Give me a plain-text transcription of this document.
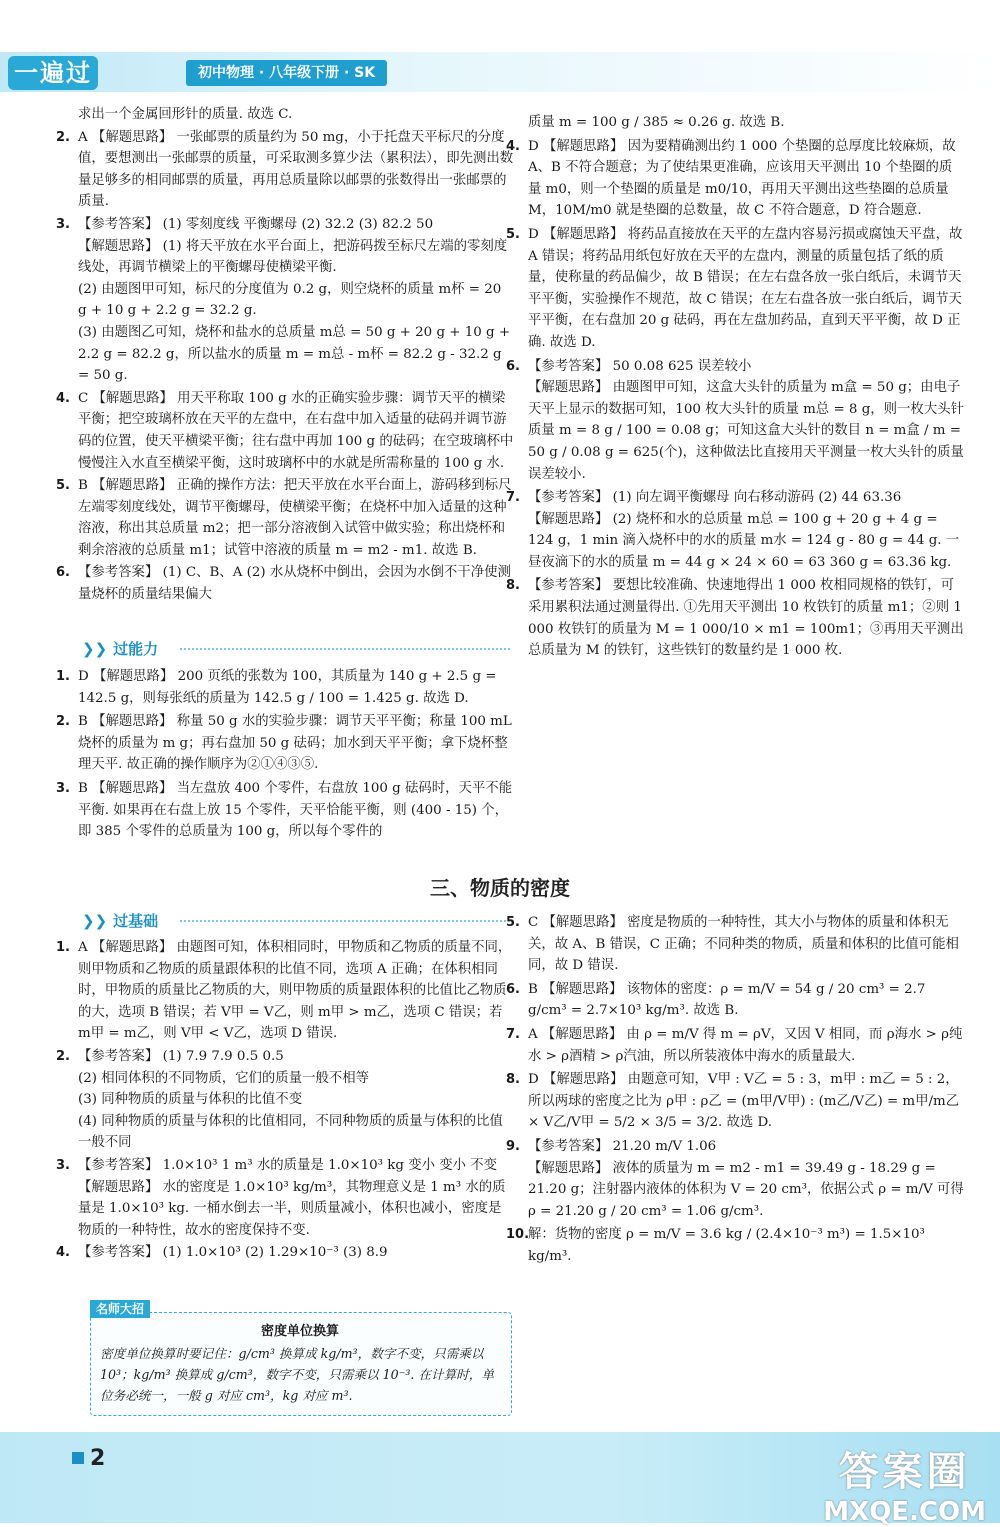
一遍过	初中物理 · 八年级下册 · SK

求出一个金属回形针的质量. 故选 C.

2. A 【解题思路】 一张邮票的质量约为 50 mg，小于托盘天平标尺的分度值，要想测出一张邮票的质量，可采取测多算少法（累积法），即先测出数量足够多的相同邮票的质量，再用总质量除以邮票的张数得出一张邮票的质量.

3. 【参考答案】 (1) 零刻度线 平衡螺母 (2) 32.2 (3) 82.2 50

【解题思路】 (1) 将天平放在水平台面上，把游码拨至标尺左端的零刻度线处，再调节横梁上的平衡螺母使横梁平衡.

(2) 由题图甲可知，标尺的分度值为 0.2 g，则空烧杯的质量 m杯 = 20 g + 10 g + 2.2 g = 32.2 g.

(3) 由题图乙可知，烧杯和盐水的总质量 m总 = 50 g + 20 g + 10 g + 2.2 g = 82.2 g，所以盐水的质量 m = m总 - m杯 = 82.2 g - 32.2 g = 50 g.

4. C 【解题思路】 用天平称取 100 g 水的正确实验步骤：调节天平的横梁平衡；把空玻璃杯放在天平的左盘中，在右盘中加入适量的砝码并调节游码的位置，使天平横梁平衡；往右盘中再加 100 g 的砝码；在空玻璃杯中慢慢注入水直至横梁平衡，这时玻璃杯中的水就是所需称量的 100 g 水.

5. B 【解题思路】 正确的操作方法：把天平放在水平台面上，游码移到标尺左端零刻度线处，调节平衡螺母，使横梁平衡；在烧杯中加入适量的这种溶液，称出其总质量 m2；把一部分溶液倒入试管中做实验；称出烧杯和剩余溶液的总质量 m1；试管中溶液的质量 m = m2 - m1. 故选 B.

6. 【参考答案】 (1) C、B、A (2) 水从烧杯中倒出，会因为水倒不干净使测量烧杯的质量结果偏大

❯❯ 过能力

1. D 【解题思路】 200 页纸的张数为 100，其质量为 140 g + 2.5 g = 142.5 g，则每张纸的质量为 142.5 g / 100 = 1.425 g. 故选 D.

2. B 【解题思路】 称量 50 g 水的实验步骤：调节天平平衡；称量 100 mL 烧杯的质量为 m g；再右盘加 50 g 砝码；加水到天平平衡；拿下烧杯整理天平. 故正确的操作顺序为②①④③⑤.

3. B 【解题思路】 当左盘放 400 个零件，右盘放 100 g 砝码时，天平不能平衡. 如果再在右盘上放 15 个零件，天平恰能平衡，则 (400 - 15) 个，即 385 个零件的总质量为 100 g，所以每个零件的

质量 m = 100 g / 385 ≈ 0.26 g. 故选 B.

4. D 【解题思路】 因为要精确测出约 1 000 个垫圈的总厚度比较麻烦，故 A、B 不符合题意；为了使结果更准确，应该用天平测出 10 个垫圈的质量 m0，则一个垫圈的质量是 m0/10，再用天平测出这些垫圈的总质量 M，10M/m0 就是垫圈的总数量，故 C 不符合题意，D 符合题意.

5. D 【解题思路】 将药品直接放在天平的左盘内容易污损或腐蚀天平盘，故 A 错误；将药品用纸包好放在天平的左盘内，测量的质量包括了纸的质量，使称量的药品偏少，故 B 错误；在左右盘各放一张白纸后，未调节天平平衡，实验操作不规范，故 C 错误；在左右盘各放一张白纸后，调节天平平衡，在右盘加 20 g 砝码，再在左盘加药品，直到天平平衡，故 D 正确. 故选 D.

6. 【参考答案】 50 0.08 625 误差较小

【解题思路】 由题图甲可知，这盒大头针的质量为 m盒 = 50 g；由电子天平上显示的数据可知，100 枚大头针的质量 m总 = 8 g，则一枚大头针质量 m = 8 g / 100 = 0.08 g；可知这盒大头针的数目 n = m盒 / m = 50 g / 0.08 g = 625(个)，这种做法比直接用天平测量一枚大头针的质量误差较小.

7. 【参考答案】 (1) 向左调平衡螺母 向右移动游码 (2) 44 63.36

【解题思路】 (2) 烧杯和水的总质量 m总 = 100 g + 20 g + 4 g = 124 g，1 min 滴入烧杯中的水的质量 m水 = 124 g - 80 g = 44 g. 一昼夜滴下的水的质量 m = 44 g × 24 × 60 = 63 360 g = 63.36 kg.

8. 【参考答案】 要想比较准确、快速地得出 1 000 枚相同规格的铁钉，可采用累积法通过测量得出. ①先用天平测出 10 枚铁钉的质量 m1；②则 1 000 枚铁钉的质量为 M = 1 000/10 × m1 = 100m1；③再用天平测出总质量为 M 的铁钉，这些铁钉的数量约是 1 000 枚.

三、物质的密度
❯❯ 过基础

1. A 【解题思路】 由题图可知，体积相同时，甲物质和乙物质的质量不同，则甲物质和乙物质的质量跟体积的比值不同，选项 A 正确；在体积相同时，甲物质的质量比乙物质的大，则甲物质的质量跟体积的比值比乙物质的大，选项 B 错误；若 V甲 = V乙，则 m甲 > m乙，选项 C 错误；若 m甲 = m乙，则 V甲 < V乙，选项 D 错误.

2. 【参考答案】 (1) 7.9 7.9 0.5 0.5

(2) 相同体积的不同物质，它们的质量一般不相等

(3) 同种物质的质量与体积的比值不变

(4) 同种物质的质量与体积的比值相同，不同种物质的质量与体积的比值一般不同

3. 【参考答案】 1.0×10³ 1 m³ 水的质量是 1.0×10³ kg 变小 变小 不变

【解题思路】 水的密度是 1.0×10³ kg/m³，其物理意义是 1 m³ 水的质量是 1.0×10³ kg. 一桶水倒去一半，则质量减小，体积也减小，密度是物质的一种特性，故水的密度保持不变.

4. 【参考答案】 (1) 1.0×10³ (2) 1.29×10⁻³ (3) 8.9

名师大招
密度单位换算
密度单位换算时要记住：g/cm³ 换算成 kg/m³，数字不变，只需乘以 10³；kg/m³ 换算成 g/cm³，数字不变，只需乘以 10⁻³. 在计算时，单位务必统一，一般 g 对应 cm³，kg 对应 m³.

5. C 【解题思路】 密度是物质的一种特性，其大小与物体的质量和体积无关，故 A、B 错误，C 正确；不同种类的物质，质量和体积的比值可能相同，故 D 错误.

6. B 【解题思路】 该物体的密度：ρ = m/V = 54 g / 20 cm³ = 2.7 g/cm³ = 2.7×10³ kg/m³. 故选 B.

7. A 【解题思路】 由 ρ = m/V 得 m = ρV，又因 V 相同，而 ρ海水 > ρ纯水 > ρ酒精 > ρ汽油，所以所装液体中海水的质量最大.

8. D 【解题思路】 由题意可知，V甲 : V乙 = 5 : 3，m甲 : m乙 = 5 : 2，所以两球的密度之比为 ρ甲 : ρ乙 = (m甲/V甲) : (m乙/V乙) = m甲/m乙 × V乙/V甲 = 5/2 × 3/5 = 3/2. 故选 D.

9. 【参考答案】 21.20 m/V 1.06

【解题思路】 液体的质量为 m = m2 - m1 = 39.49 g - 18.29 g = 21.20 g；注射器内液体的体积为 V = 20 cm³，依据公式 ρ = m/V 可得 ρ = 21.20 g / 20 cm³ = 1.06 g/cm³.

10.
解：货物的密度 ρ = m/V = 3.6 kg / (2.4×10⁻³ m³) = 1.5×10³ kg/m³.

2	答案圈
MXQE.COM
